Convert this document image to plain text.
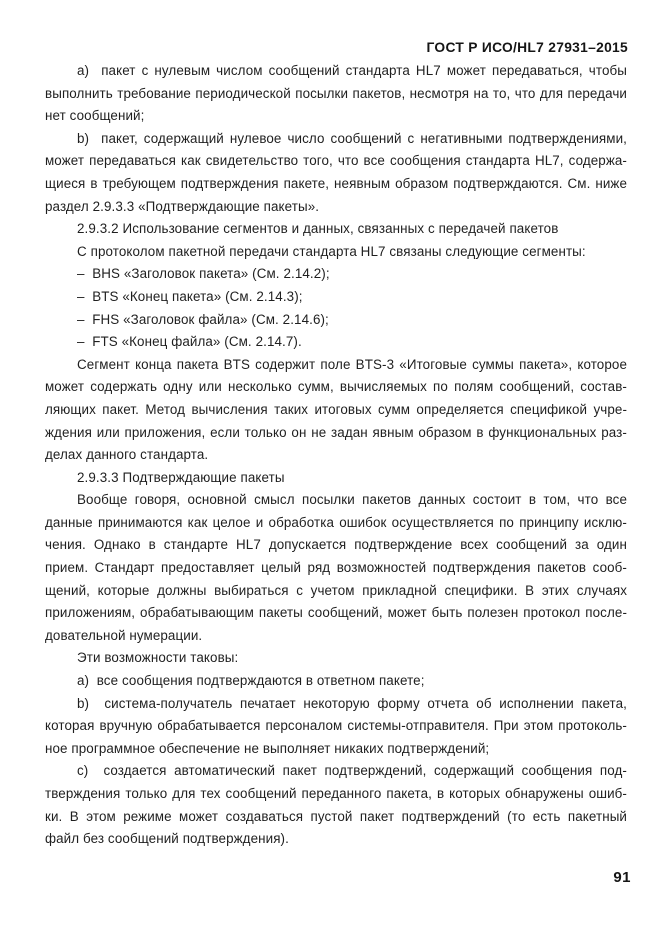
ГОСТ Р ИСО/HL7 27931–2015
a)  пакет с нулевым числом сообщений стандарта HL7 может передаваться, чтобы
выполнить требование периодической посылки пакетов, несмотря на то, что для передачи
нет сообщений;
b)  пакет, содержащий нулевое число сообщений с негативными подтверждениями,
может передаваться как свидетельство того, что все сообщения стандарта HL7, содержа-
щиеся в требующем подтверждения пакете, неявным образом подтверждаются. См. ниже
раздел 2.9.3.3 «Подтверждающие пакеты».
2.9.3.2 Использование сегментов и данных, связанных с передачей пакетов
С протоколом пакетной передачи стандарта HL7 связаны следующие сегменты:
–  BHS «Заголовок пакета» (См. 2.14.2);
–  BTS «Конец пакета» (См. 2.14.3);
–  FHS «Заголовок файла» (См. 2.14.6);
–  FTS «Конец файла» (См. 2.14.7).
Сегмент конца пакета BTS содержит поле BTS-3 «Итоговые суммы пакета», которое
может содержать одну или несколько сумм, вычисляемых по полям сообщений, состав-
ляющих пакет. Метод вычисления таких итоговых сумм определяется спецификой учре-
ждения или приложения, если только он не задан явным образом в функциональных раз-
делах данного стандарта.
2.9.3.3 Подтверждающие пакеты
Вообще говоря, основной смысл посылки пакетов данных состоит в том, что все
данные принимаются как целое и обработка ошибок осуществляется по принципу исклю-
чения. Однако в стандарте HL7 допускается подтверждение всех сообщений за один
прием. Стандарт предоставляет целый ряд возможностей подтверждения пакетов сооб-
щений, которые должны выбираться с учетом прикладной специфики. В этих случаях
приложениям, обрабатывающим пакеты сообщений, может быть полезен протокол после-
довательной нумерации.
Эти возможности таковы:
a)  все сообщения подтверждаются в ответном пакете;
b)  система-получатель печатает некоторую форму отчета об исполнении пакета,
которая вручную обрабатывается персоналом системы-отправителя. При этом протоколь-
ное программное обеспечение не выполняет никаких подтверждений;
c)  создается автоматический пакет подтверждений, содержащий сообщения под-
тверждения только для тех сообщений переданного пакета, в которых обнаружены ошиб-
ки. В этом режиме может создаваться пустой пакет подтверждений (то есть пакетный
файл без сообщений подтверждения).
91
